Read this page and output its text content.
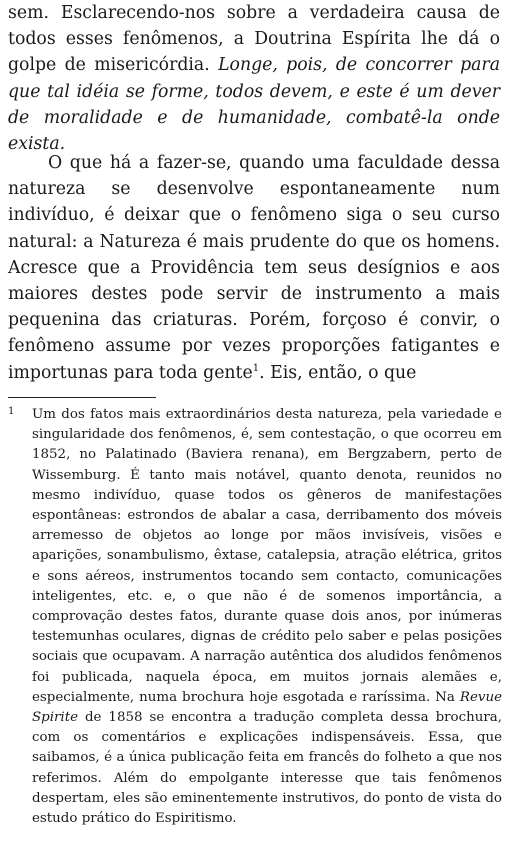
sem. Esclarecendo-nos sobre a verdadeira causa de todos esses fenômenos, a Doutrina Espírita lhe dá o golpe de misericórdia. Longe, pois, de concorrer para que tal idéia se forme, todos devem, e este é um dever de moralidade e de humanidade, combatê-la onde exista.

O que há a fazer-se, quando uma faculdade dessa natureza se desenvolve espontaneamente num indivíduo, é deixar que o fenômeno siga o seu curso natural: a Natureza é mais prudente do que os homens. Acresce que a Providência tem seus desígnios e aos maiores destes pode servir de instrumento a mais pequenina das criaturas. Porém, forçoso é convir, o fenômeno assume por vezes proporções fatigantes e importunas para toda gente$^1$. Eis, então, o que

1 Um dos fatos mais extraordinários desta natureza, pela variedade e singularidade dos fenômenos, é, sem contestação, o que ocorreu em 1852, no Palatinado (Baviera renana), em Bergzabern, perto de Wissemburg. É tanto mais notável, quanto denota, reunidos no mesmo indivíduo, quase todos os gêneros de manifestações espontâneas: estrondos de abalar a casa, derribamento dos móveis arremesso de objetos ao longe por mãos invisíveis, visões e aparições, sonambulismo, êxtase, catalepsia, atração elétrica, gritos e sons aéreos, instrumentos tocando sem contacto, comunicações inteligentes, etc. e, o que não é de somenos importância, a comprovação destes fatos, durante quase dois anos, por inúmeras testemunhas oculares, dignas de crédito pelo saber e pelas posições sociais que ocupavam. A narração autêntica dos aludidos fenômenos foi publicada, naquela época, em muitos jornais alemães e, especialmente, numa brochura hoje esgotada e raríssima. Na Revue Spirite de 1858 se encontra a tradução completa dessa brochura, com os comentários e explicações indispensáveis. Essa, que saibamos, é a única publicação feita em francês do folheto a que nos referimos. Além do empolgante interesse que tais fenômenos despertam, eles são eminentemente instrutivos, do ponto de vista do estudo prático do Espiritismo.
